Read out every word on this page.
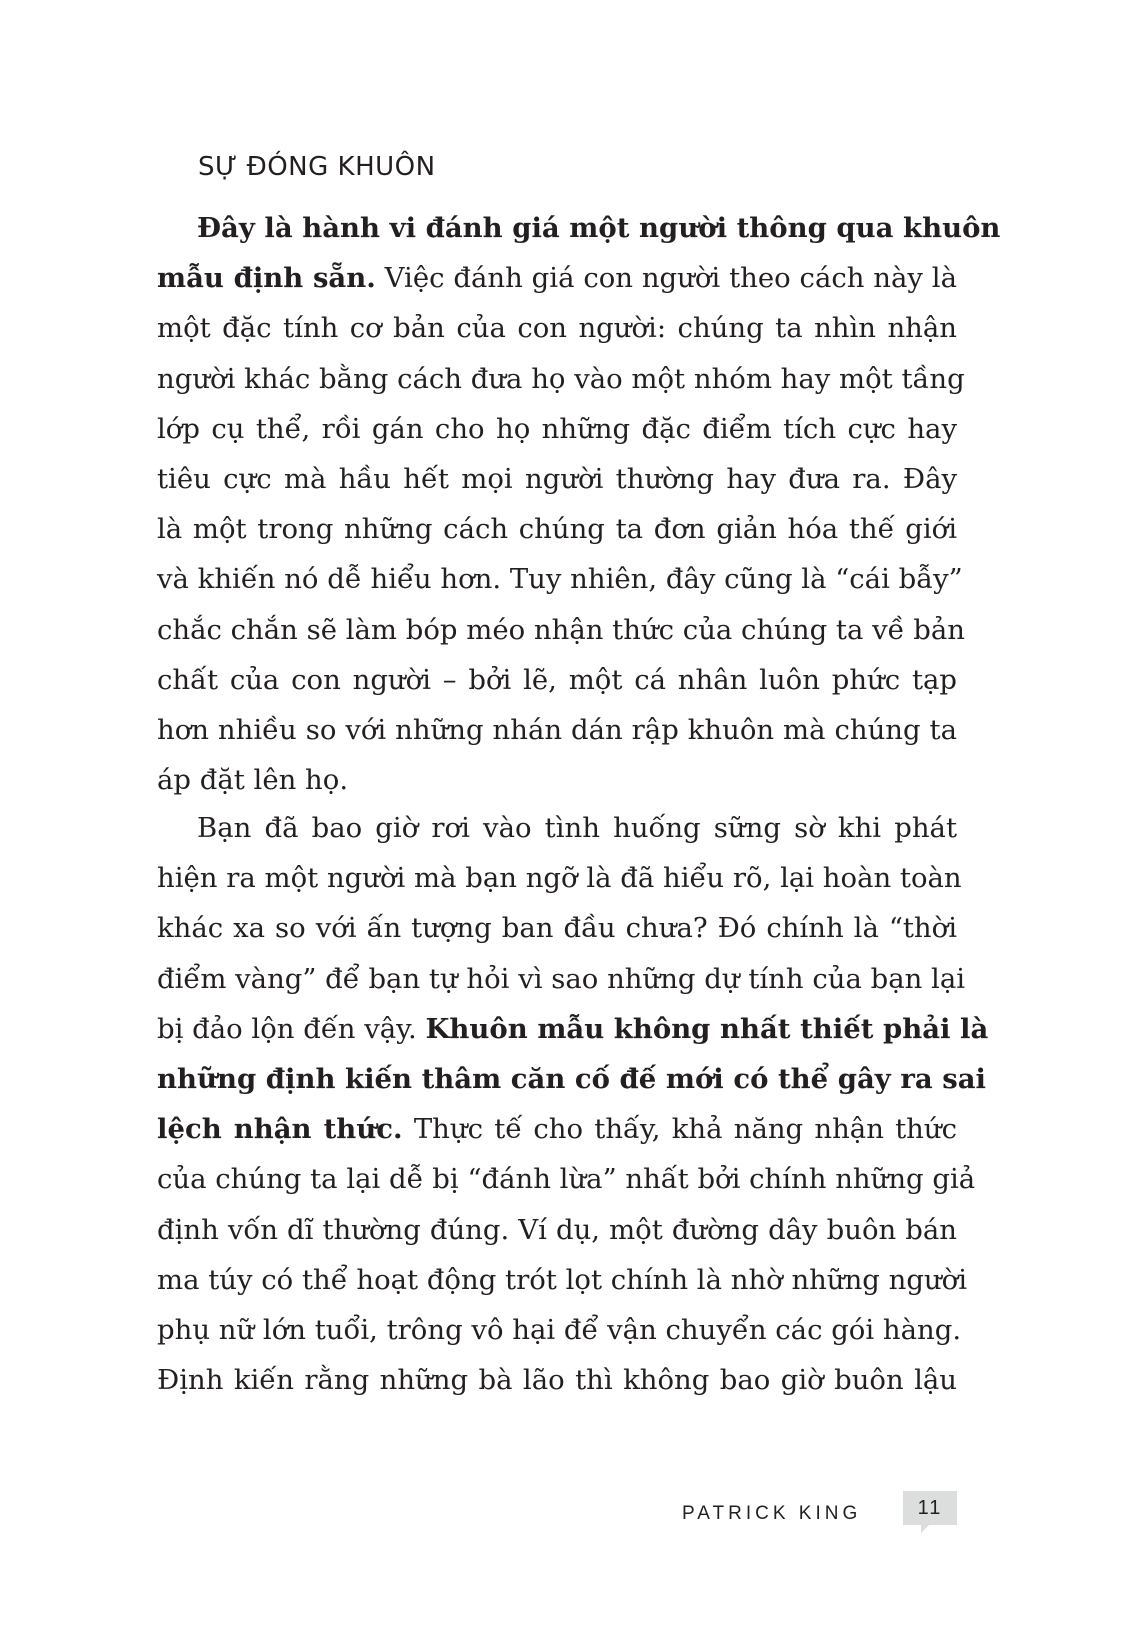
SỰ ĐÓNG KHUÔN
Đây là hành vi đánh giá một người thông qua khuôn
mẫu định sẵn. Việc đánh giá con người theo cách này là
một đặc tính cơ bản của con người: chúng ta nhìn nhận
người khác bằng cách đưa họ vào một nhóm hay một tầng
lớp cụ thể, rồi gán cho họ những đặc điểm tích cực hay
tiêu cực mà hầu hết mọi người thường hay đưa ra. Đây
là một trong những cách chúng ta đơn giản hóa thế giới
và khiến nó dễ hiểu hơn. Tuy nhiên, đây cũng là “cái bẫy”
chắc chắn sẽ làm bóp méo nhận thức của chúng ta về bản
chất của con người – bởi lẽ, một cá nhân luôn phức tạp
hơn nhiều so với những nhán dán rập khuôn mà chúng ta
áp đặt lên họ.
Bạn đã bao giờ rơi vào tình huống sững sờ khi phát
hiện ra một người mà bạn ngỡ là đã hiểu rõ, lại hoàn toàn
khác xa so với ấn tượng ban đầu chưa? Đó chính là “thời
điểm vàng” để bạn tự hỏi vì sao những dự tính của bạn lại
bị đảo lộn đến vậy. Khuôn mẫu không nhất thiết phải là
những định kiến thâm căn cố đế mới có thể gây ra sai
lệch nhận thức. Thực tế cho thấy, khả năng nhận thức
của chúng ta lại dễ bị “đánh lừa” nhất bởi chính những giả
định vốn dĩ thường đúng. Ví dụ, một đường dây buôn bán
ma túy có thể hoạt động trót lọt chính là nhờ những người
phụ nữ lớn tuổi, trông vô hại để vận chuyển các gói hàng.
Định kiến rằng những bà lão thì không bao giờ buôn lậu
PATRICK KING	11
